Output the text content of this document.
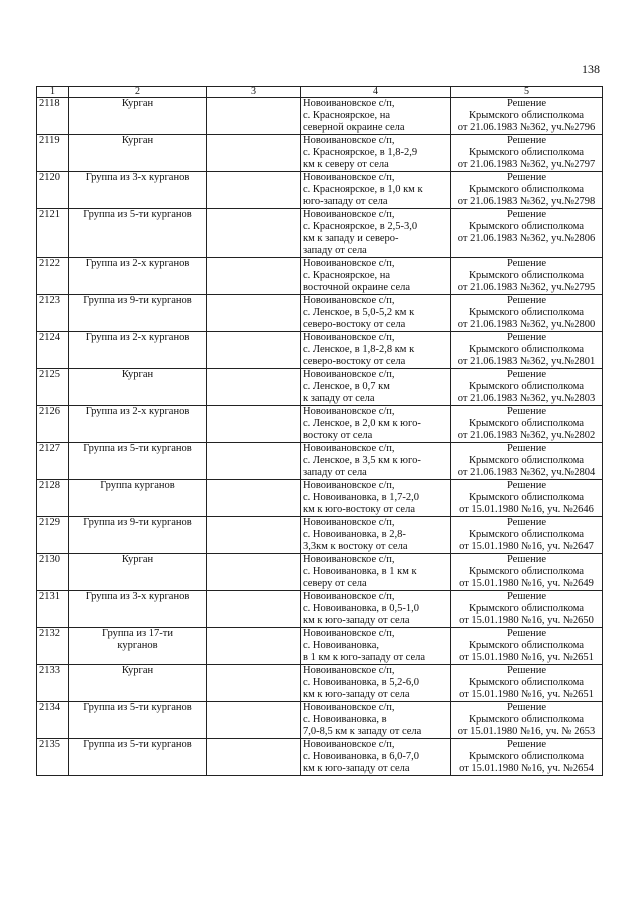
138
1	2	3	4	5
2118	Курган		Новоивановское с/п,
с. Красноярское, на
северной окраине села	Решение
Крымского облисполкома
от 21.06.1983 №362, уч.№2796

2119	Курган		Новоивановское с/п,
с. Красноярское, в 1,8-2,9
км к северу от села	Решение
Крымского облисполкома
от 21.06.1983 №362, уч.№2797

2120	Группа из 3-х курганов		Новоивановское с/п,
с. Красноярское, в 1,0 км к
юго-западу от села	Решение
Крымского облисполкома
от 21.06.1983 №362, уч.№2798

2121	Группа из 5-ти курганов		Новоивановское с/п,
с. Красноярское, в 2,5-3,0
км к западу и северо-
западу от села	Решение
Крымского облисполкома
от 21.06.1983 №362, уч.№2806

2122	Группа из 2-х курганов		Новоивановское с/п,
с. Красноярское, на
восточной окраине села	Решение
Крымского облисполкома
от 21.06.1983 №362, уч.№2795

2123	Группа из 9-ти курганов		Новоивановское с/п,
с. Ленское, в 5,0-5,2 км к
северо-востоку от села	Решение
Крымского облисполкома
от 21.06.1983 №362, уч.№2800

2124	Группа из 2-х курганов		Новоивановское с/п,
с. Ленское, в 1,8-2,8 км к
северо-востоку от села	Решение
Крымского облисполкома
от 21.06.1983 №362, уч.№2801

2125	Курган		Новоивановское с/п,
с. Ленское, в 0,7 км
к западу от села	Решение
Крымского облисполкома
от 21.06.1983 №362, уч.№2803

2126	Группа из 2-х курганов		Новоивановское с/п,
с. Ленское, в 2,0 км к юго-
востоку от села	Решение
Крымского облисполкома
от 21.06.1983 №362, уч.№2802

2127	Группа из 5-ти курганов		Новоивановское с/п,
с. Ленское, в 3,5 км к юго-
западу от села	Решение
Крымского облисполкома
от 21.06.1983 №362, уч.№2804

2128	Группа курганов		Новоивановское с/п,
с. Новоивановка, в 1,7-2,0
км к юго-востоку от села	Решение
Крымского облисполкома
от 15.01.1980 №16, уч. №2646

2129	Группа из 9-ти курганов		Новоивановское с/п,
с. Новоивановка, в 2,8-
3,3км к востоку от села	Решение
Крымского облисполкома
от 15.01.1980 №16, уч. №2647

2130	Курган		Новоивановское с/п,
с. Новоивановка, в 1 км к
северу от села	Решение
Крымского облисполкома
от 15.01.1980 №16, уч. №2649

2131	Группа из 3-х курганов		Новоивановское с/п,
с. Новоивановка, в 0,5-1,0
км к юго-западу от села	Решение
Крымского облисполкома
от 15.01.1980 №16, уч. №2650

2132	Группа из 17-ти
курганов		Новоивановское с/п,
с. Новоивановка,
в 1 км к юго-западу от села	Решение
Крымского облисполкома
от 15.01.1980 №16, уч. №2651

2133	Курган		Новоивановское с/п,
с. Новоивановка, в 5,2-6,0
км к юго-западу от села	Решение
Крымского облисполкома
от 15.01.1980 №16, уч. №2651

2134	Группа из 5-ти курганов		Новоивановское с/п,
с. Новоивановка, в
7,0-8,5 км к западу от села	Решение
Крымского облисполкома
от 15.01.1980 №16, уч. № 2653

2135	Группа из 5-ти курганов		Новоивановское с/п,
с. Новоивановка, в 6,0-7,0
км к юго-западу от села	Решение
Крымского облисполкома
от 15.01.1980 №16, уч. №2654
